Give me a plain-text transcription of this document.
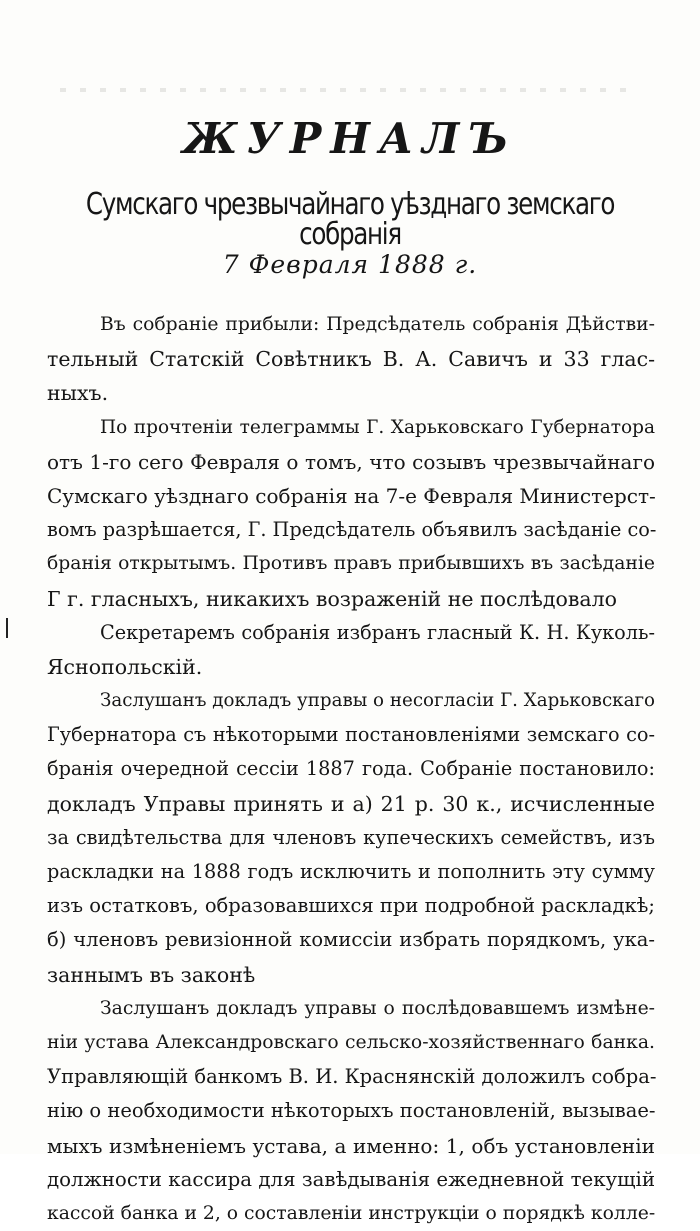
ЖУРНАЛЪ
Сумскаго чрезвычайнаго уѣзднаго земскаго собранія
7 Февраля 1888 г.
Въ собраніе прибыли: Предсѣдатель собранія Дѣйстви-
тельный Статскій Совѣтникъ В. А. Савичъ и 33 глас-
ныхъ.
По прочтеніи телеграммы Г. Харьковскаго Губернатора
отъ 1-го сего Февраля о томъ, что созывъ чрезвычайнаго
Сумскаго уѣзднаго собранія на 7-е Февраля Министерст-
вомъ разрѣшается, Г. Предсѣдатель объявилъ засѣданіе со-
бранія открытымъ. Противъ правъ прибывшихъ въ засѣданіе
Г г. гласныхъ, никакихъ возраженій не послѣдовало
Секретаремъ собранія избранъ гласный К. Н. Куколь-
Яснопольскій.
Заслушанъ докладъ управы о несогласіи Г. Харьковскаго
Губернатора съ нѣкоторыми постановленіями земскаго со-
бранія очередной сессіи 1887 года. Собраніе постановило:
докладъ Управы принять и а) 21 р. 30 к., исчисленные
за свидѣтельства для членовъ купеческихъ семействъ, изъ
раскладки на 1888 годъ исключить и пополнить эту сумму
изъ остатковъ, образовавшихся при подробной раскладкѣ;
б) членовъ ревизіонной комиссіи избрать порядкомъ, ука-
заннымъ въ законѣ
Заслушанъ докладъ управы о послѣдовавшемъ измѣне-
ніи устава Александровскаго сельско-хозяйственнаго банка.
Управляющій банкомъ В. И. Краснянскій доложилъ собра-
нію о необходимости нѣкоторыхъ постановленій, вызывае-
мыхъ измѣненіемъ устава, а именно: 1, объ установленіи
должности кассира для завѣдыванія ежедневной текущій
кассой банка и 2, о составленіи инструкціи о порядкѣ колле-
